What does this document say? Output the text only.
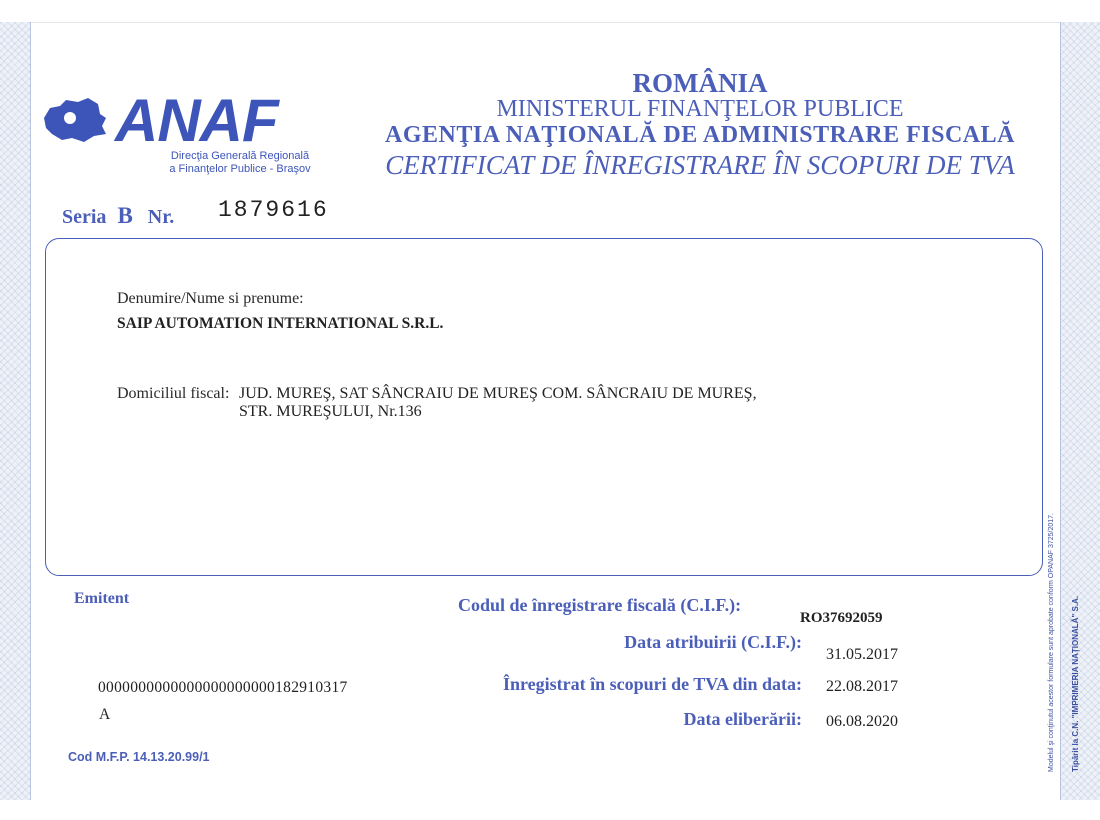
Modelul şi conţinutul acestor formulare sunt aprobate conform OPANAF 3725/2017. Tipărit la C.N. "IMPRIMERIA NAŢIONALĂ" S.A.
ANAF
Direcţia Generală Regională
a Finanţelor Publice - Braşov
ROMÂNIA
MINISTERUL FINANŢELOR PUBLICE
AGENŢIA NAŢIONALĂ DE ADMINISTRARE FISCALĂ
CERTIFICAT DE ÎNREGISTRARE ÎN SCOPURI DE TVA
Seria B Nr. 1879616
Denumire/Nume si prenume:
SAIP AUTOMATION INTERNATIONAL S.R.L.
Domiciliul fiscal: JUD. MUREŞ, SAT SÂNCRAIU DE MUREŞ COM. SÂNCRAIU DE MUREŞ,
STR. MUREŞULUI, Nr.136
Emitent
0000000000000000000000182910317
A
Codul de înregistrare fiscală (C.I.F.):
RO37692059
Data atribuirii (C.I.F.):
31.05.2017
Înregistrat în scopuri de TVA din data: 22.08.2017
Data eliberării: 06.08.2020
Cod M.F.P. 14.13.20.99/1
